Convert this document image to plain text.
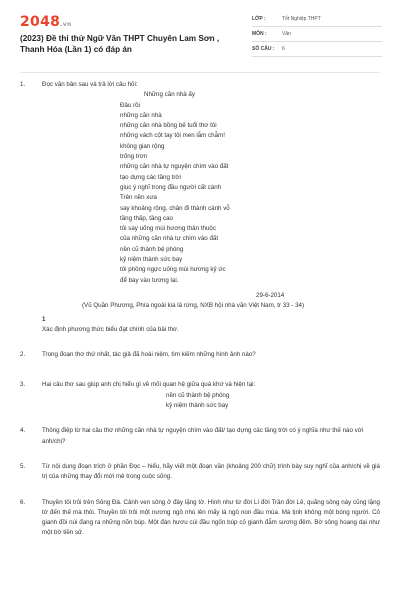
2048.vn
(2023) Đề thi thử Ngữ Văn THPT Chuyên Lam Sơn , Thanh Hóa (Lần 1) có đáp án
LỚP :	Tốt Nghiệp THPT
MÔN :	Văn
SỐ CÂU :	6
1.	Đọc văn bản sau và trả lời câu hỏi:
Những căn nhà ấy
Đâu rồi
những căn nhà
những căn nhà bồng bế tuổi thơ tôi
những vách cột tay tôi men lẫm chẫm!
không gian rộng
trống trơn
những căn nhà tự nguyện chìm vào đất
tạo dựng các tầng trời
giục ý nghĩ trong đầu người cất cánh
Trên nền xưa
say khoảng rộng, chân đi thành cánh vỗ
tầng thấp, tầng cao
tôi say uống mùi hương thân thuộc
của những căn nhà tự chìm vào đất
nền cũ thành bệ phóng
kỷ niệm thành sức bay
tôi phồng ngực uống mùi hương kỷ ức
để bay vào tương lai.
29-6-2014
(Vũ Quần Phương, Phía ngoài kia là rừng, NXB hội nhà văn Việt Nam, tr 33 - 34)
1
Xác định phương thức biểu đạt chính của bài thơ.
2.	Trong đoạn thơ thứ nhất, tác giả đã hoài niệm, tìm kiếm những hình ảnh nào?
3.	Hai câu thơ sau giúp anh chị hiểu gì về mối quan hệ giữa quá khứ và hiện tại:
nền cũ thành bệ phóng
kỷ niệm thành sức bay
4.	Thông điệp từ hai câu thơ những căn nhà tự nguyện chìm vào đất/ tạo dựng các tầng trời có ý nghĩa như thế nào với anh/chị?
5.	Từ nội dung đoạn trích ở phần Đọc – hiểu, hãy viết một đoạn văn (khoảng 200 chữ) trình bày suy nghĩ của anh/chị về giá trị của những thay đổi mới mẻ trong cuộc sống.
6.	Thuyền tôi trôi trên Sông Đà. Cảnh ven sông ở đây lặng tờ. Hình như từ đời Lí đời Trần đời Lê, quãng sông này cũng lặng tờ đến thế mà thôi. Thuyền tôi trôi một nương ngô nhú lên mấy lá ngô non đầu mùa. Mà tịnh không một bóng người. Cỏ gianh đồi núi đang ra những nõn búp. Một đàn hươu cúi đầu ngốn búp cỏ gianh đẫm sương đêm. Bờ sông hoang dại như một bờ tiền sử.
